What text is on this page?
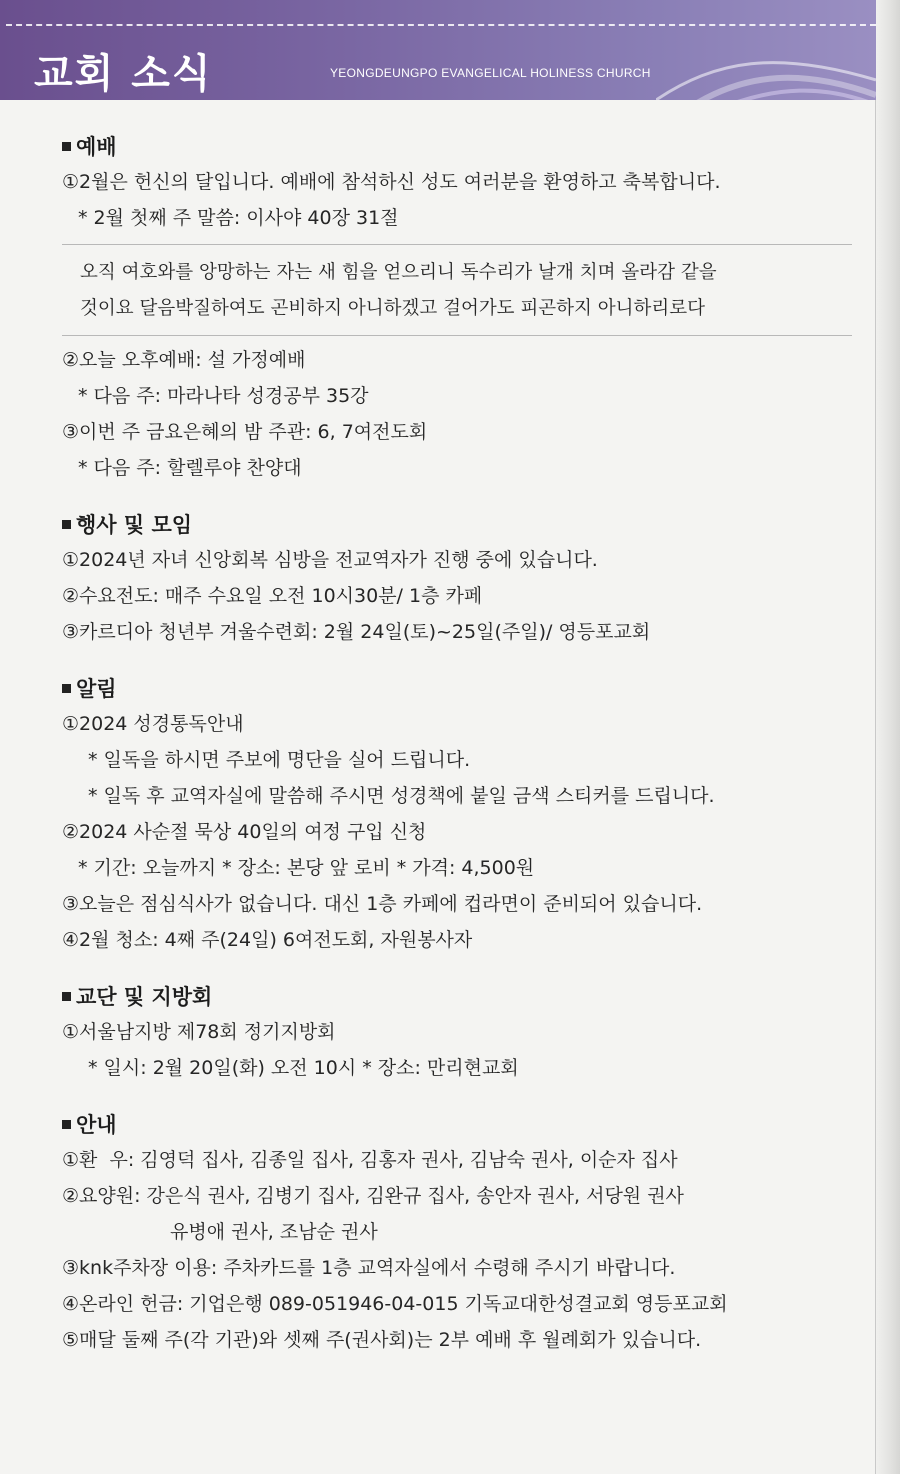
교회 소식	YEONGDEUNGPO EVANGELICAL HOLINESS CHURCH
예배
①2월은 헌신의 달입니다. 예배에 참석하신 성도 여러분을 환영하고 축복합니다.
* 2월 첫째 주 말씀: 이사야 40장 31절
오직 여호와를 앙망하는 자는 새 힘을 얻으리니 독수리가 날개 치며 올라감 같을
것이요 달음박질하여도 곤비하지 아니하겠고 걸어가도 피곤하지 아니하리로다
②오늘 오후예배: 설 가정예배
* 다음 주: 마라나타 성경공부 35강
③이번 주 금요은혜의 밤 주관: 6, 7여전도회
* 다음 주: 할렐루야 찬양대
행사 및 모임
①2024년 자녀 신앙회복 심방을 전교역자가 진행 중에 있습니다.
②수요전도: 매주 수요일 오전 10시30분/ 1층 카페
③카르디아 청년부 겨울수련회: 2월 24일(토)~25일(주일)/ 영등포교회
알림
①2024 성경통독안내
* 일독을 하시면 주보에 명단을 실어 드립니다.
* 일독 후 교역자실에 말씀해 주시면 성경책에 붙일 금색 스티커를 드립니다.
②2024 사순절 묵상 40일의 여정 구입 신청
* 기간: 오늘까지 * 장소: 본당 앞 로비 * 가격: 4,500원
③오늘은 점심식사가 없습니다. 대신 1층 카페에 컵라면이 준비되어 있습니다.
④2월 청소: 4째 주(24일) 6여전도회, 자원봉사자
교단 및 지방회
①서울남지방 제78회 정기지방회
* 일시: 2월 20일(화) 오전 10시 * 장소: 만리현교회
안내
①환  우: 김영덕 집사, 김종일 집사, 김홍자 권사, 김남숙 권사, 이순자 집사
②요양원: 강은식 권사, 김병기 집사, 김완규 집사, 송안자 권사, 서당원 권사
유병애 권사, 조남순 권사
③knk주차장 이용: 주차카드를 1층 교역자실에서 수령해 주시기 바랍니다.
④온라인 헌금: 기업은행 089-051946-04-015 기독교대한성결교회 영등포교회
⑤매달 둘째 주(각 기관)와 셋째 주(권사회)는 2부 예배 후 월례회가 있습니다.
